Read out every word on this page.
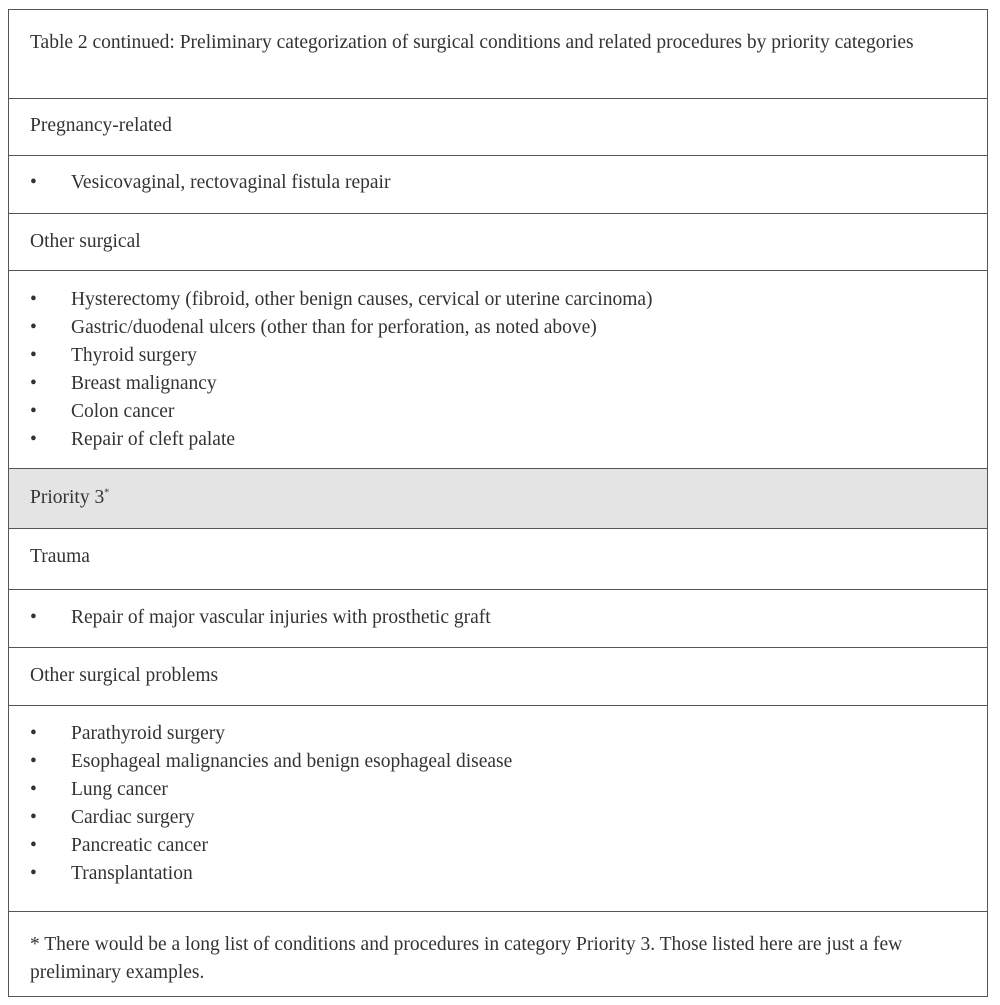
Table 2 continued: Preliminary categorization of surgical conditions and related procedures by priority categories
Pregnancy-related
• Vesicovaginal, rectovaginal fistula repair
Other surgical
• Hysterectomy (fibroid, other benign causes, cervical or uterine carcinoma)
• Gastric/duodenal ulcers (other than for perforation, as noted above)
• Thyroid surgery
• Breast malignancy
• Colon cancer
• Repair of cleft palate
Priority 3*
Trauma
• Repair of major vascular injuries with prosthetic graft
Other surgical problems
• Parathyroid surgery
• Esophageal malignancies and benign esophageal disease
• Lung cancer
• Cardiac surgery
• Pancreatic cancer
• Transplantation
* There would be a long list of conditions and procedures in category Priority 3. Those listed here are just a few preliminary examples.
